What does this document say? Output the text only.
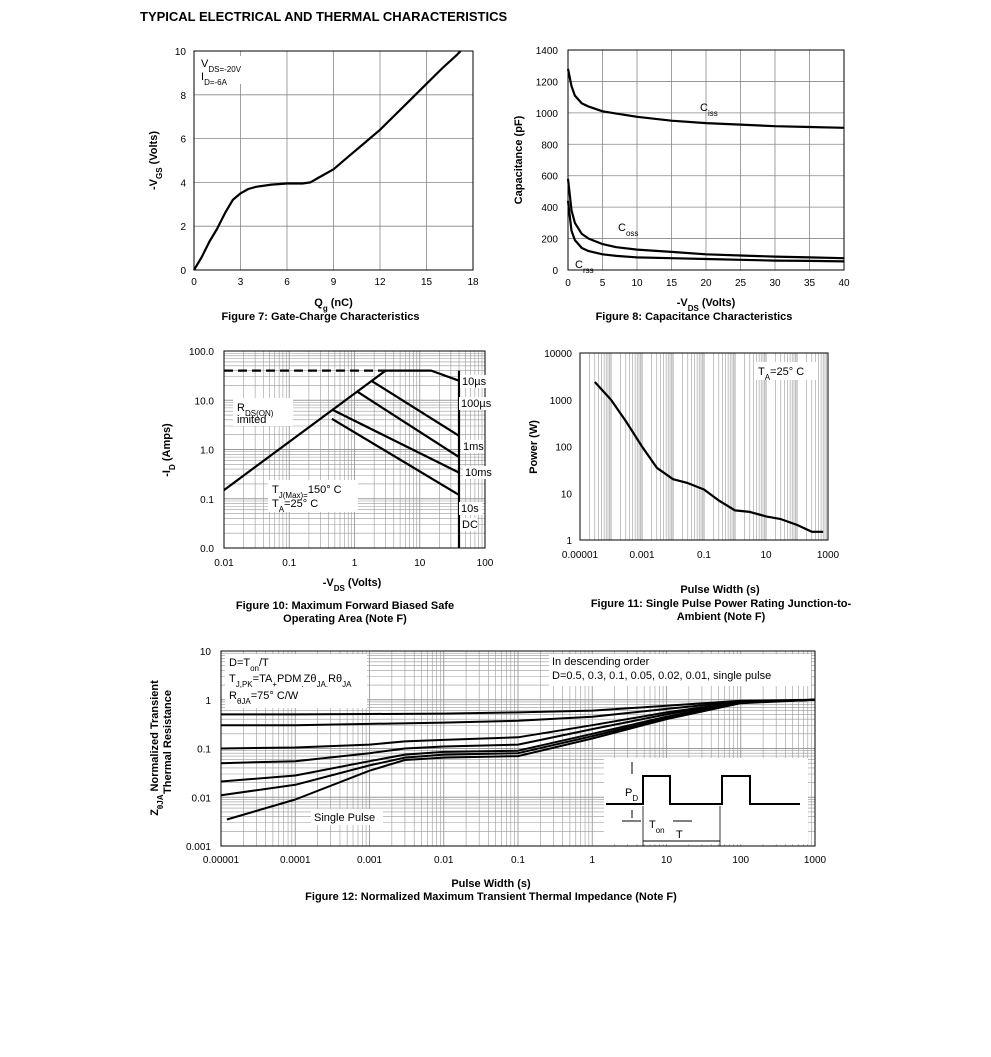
TYPICAL ELECTRICAL AND THERMAL CHARACTERISTICS
0	3	6	9	12	15	18
0
2
4
6
8
10
$V_{DS=-20V}$
$I_{D=-6A}$
$Q_g$ (nC)
$-V_{GS}$ (Volts)
Figure 7: Gate-Charge Characteristics
0	5	10 15 20 25 30 35 40
0
200
400
600
800
1000
1200
1400
$C_{iss}$
$C_{oss}$
$C_{rss}$
$-V_{DS}$ (Volts)
Capacitance (pF)
Figure 8: Capacitance Characteristics
0.01	0.1	1	10	100
0.0
0.1
1.0
10.0
100.0
10µs
100µs
1ms
10ms
10s
DC
$R_{DS(ON)}$
imited
$T_{J(Max)=}150^\circ$ C
$T_A=25^\circ$ C
$-V_{DS}$ (Volts)
$-I_D$ (Amps)
Figure 10: Maximum Forward Biased Safe
Operating Area (Note F)
0.00001	0.001	0.1	10	1000
1
10
100
1000
10000
$T_A=25^\circ$ C
Pulse Width (s)
Power (W)
Figure 11: Single Pulse Power Rating Junction-to-
Ambient (Note F)
0.00001	0.0001	0.001	0.01	0.1	1	10	100	1000
0.001
0.01
0.1
1
10
$D=T_{on}/T$
$T_{J,PK}=TA_+PDM_.Z\theta_{JA.}R\theta_{JA}$
$R_{\theta JA}=75^\circ$ C/W
In descending order
D=0.5, 0.3, 0.1, 0.05, 0.02, 0.01, single pulse
Single Pulse
$P_D$
$T_{on}$ T
Pulse Width (s)
$Z_{\theta JA}$ Normalized Transient Thermal Resistance
Figure 12: Normalized Maximum Transient Thermal Impedance (Note F)
